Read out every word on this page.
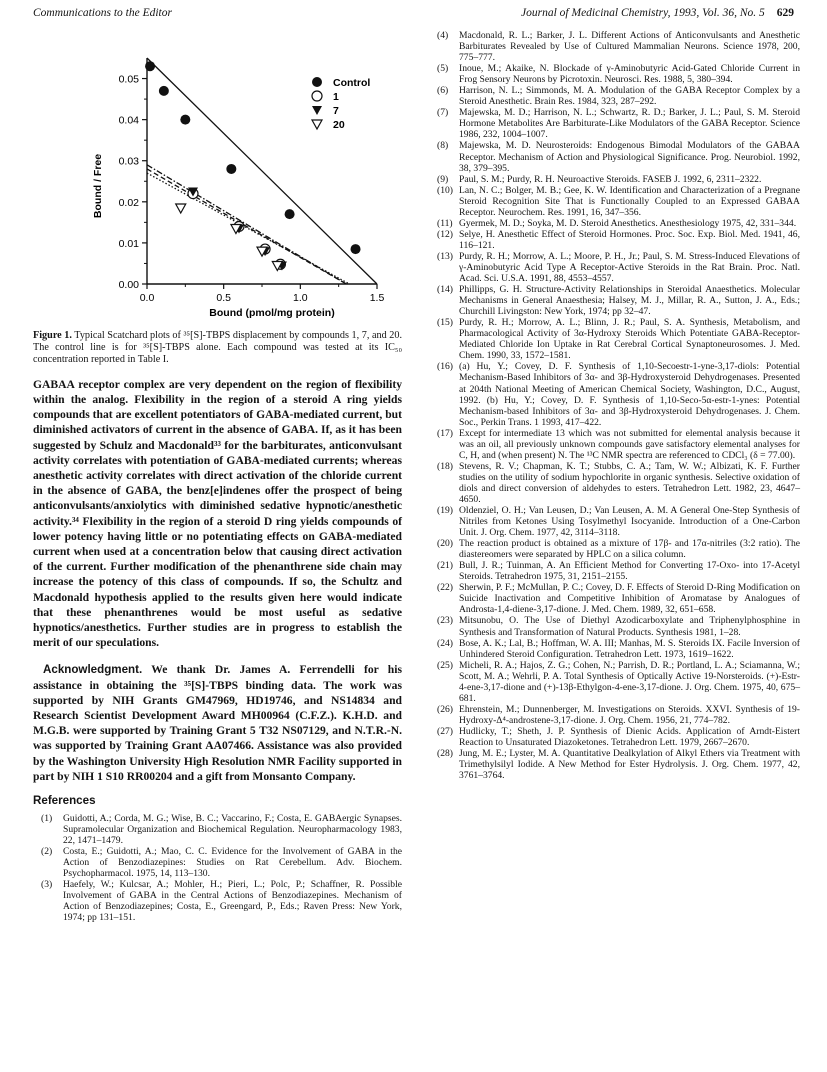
Communications to the Editor	Journal of Medicinal Chemistry, 1993, Vol. 36, No. 5 629
0.0	0.5	1.0	1.5
0.00
0.01
0.02
0.03
0.04
0.05
Bound (pmol/mg protein)
Bound / Free
Control
1
7
20

Figure 1. Typical Scatchard plots of ³⁵[S]-TBPS displacement by compounds 1, 7, and 20. The control line is for ³⁵[S]-TBPS alone. Each compound was tested at its IC₅₀ concentration reported in Table I.

GABAA receptor complex are very dependent on the region of flexibility within the analog. Flexibility in the region of a steroid A ring yields compounds that are excellent potentiators of GABA-mediated current, but diminished activators of current in the absence of GABA. If, as it has been suggested by Schulz and Macdonald³³ for the barbiturates, anticonvulsant activity correlates with potentiation of GABA-mediated currents; whereas anesthetic activity correlates with direct activation of the chloride current in the absence of GABA, the benz[e]indenes offer the prospect of being anticonvulsants/anxiolytics with diminished sedative hypnotic/anesthetic activity.³⁴ Flexibility in the region of a steroid D ring yields compounds of lower potency having little or no potentiating effects on GABA-mediated current when used at a concentration below that causing direct activation of the current. Further modification of the phenanthrene side chain may increase the potency of this class of compounds. If so, the Schultz and Macdonald hypothesis applied to the results given here would indicate that these phenanthrenes would be most useful as sedative hypnotics/anesthetics. Further studies are in progress to establish the merit of our speculations.

Acknowledgment. We thank Dr. James A. Ferrendelli for his assistance in obtaining the ³⁵[S]-TBPS binding data. The work was supported by NIH Grants GM47969, HD19746, and NS14834 and Research Scientist Development Award MH00964 (C.F.Z.). K.H.D. and M.G.B. were supported by Training Grant 5 T32 NS07129, and N.T.R.-N. was supported by Training Grant AA07466. Assistance was also provided by the Washington University High Resolution NMR Facility supported in part by NIH 1 S10 RR00204 and a gift from Monsanto Company.

References
(1) Guidotti, A.; Corda, M. G.; Wise, B. C.; Vaccarino, F.; Costa, E. GABAergic Synapses. Supramolecular Organization and Biochemical Regulation. Neuropharmacology 1983, 22, 1471–1479.
(2) Costa, E.; Guidotti, A.; Mao, C. C. Evidence for the Involvement of GABA in the Action of Benzodiazepines: Studies on Rat Cerebellum. Adv. Biochem. Psychopharmacol. 1975, 14, 113–130.
(3) Haefely, W.; Kulcsar, A.; Mohler, H.; Pieri, L.; Polc, P.; Schaffner, R. Possible Involvement of GABA in the Central Actions of Benzodiazepines. Mechanism of Action of Benzodiazepines; Costa, E., Greengard, P., Eds.; Raven Press: New York, 1974; pp 131–151.
(4) Macdonald, R. L.; Barker, J. L. Different Actions of Anticonvulsants and Anesthetic Barbiturates Revealed by Use of Cultured Mammalian Neurons. Science 1978, 200, 775–777.
(5) Inoue, M.; Akaike, N. Blockade of γ-Aminobutyric Acid-Gated Chloride Current in Frog Sensory Neurons by Picrotoxin. Neurosci. Res. 1988, 5, 380–394.
(6) Harrison, N. L.; Simmonds, M. A. Modulation of the GABA Receptor Complex by a Steroid Anesthetic. Brain Res. 1984, 323, 287–292.
(7) Majewska, M. D.; Harrison, N. L.; Schwartz, R. D.; Barker, J. L.; Paul, S. M. Steroid Hormone Metabolites Are Barbiturate-Like Modulators of the GABA Receptor. Science 1986, 232, 1004–1007.
(8) Majewska, M. D. Neurosteroids: Endogenous Bimodal Modulators of the GABAA Receptor. Mechanism of Action and Physiological Significance. Prog. Neurobiol. 1992, 38, 379–395.
(9) Paul, S. M.; Purdy, R. H. Neuroactive Steroids. FASEB J. 1992, 6, 2311–2322.
(10) Lan, N. C.; Bolger, M. B.; Gee, K. W. Identification and Characterization of a Pregnane Steroid Recognition Site That is Functionally Coupled to an Expressed GABAA Receptor. Neurochem. Res. 1991, 16, 347–356.
(11) Gyermek, M. D.; Soyka, M. D. Steroid Anesthetics. Anesthesiology 1975, 42, 331–344.
(12) Selye, H. Anesthetic Effect of Steroid Hormones. Proc. Soc. Exp. Biol. Med. 1941, 46, 116–121.
(13) Purdy, R. H.; Morrow, A. L.; Moore, P. H., Jr.; Paul, S. M. Stress-Induced Elevations of γ-Aminobutyric Acid Type A Receptor-Active Steroids in the Rat Brain. Proc. Natl. Acad. Sci. U.S.A. 1991, 88, 4553–4557.
(14) Phillipps, G. H. Structure-Activity Relationships in Steroidal Anaesthetics. Molecular Mechanisms in General Anaesthesia; Halsey, M. J., Millar, R. A., Sutton, J. A., Eds.; Churchill Livingston: New York, 1974; pp 32–47.
(15) Purdy, R. H.; Morrow, A. L.; Blinn, J. R.; Paul, S. A. Synthesis, Metabolism, and Pharmacological Activity of 3α-Hydroxy Steroids Which Potentiate GABA-Receptor-Mediated Chloride Ion Uptake in Rat Cerebral Cortical Synaptoneurosomes. J. Med. Chem. 1990, 33, 1572–1581.
(16) (a) Hu, Y.; Covey, D. F. Synthesis of 1,10-Secoestr-1-yne-3,17-diols: Potential Mechanism-Based Inhibitors of 3α- and 3β-Hydroxysteroid Dehydrogenases. Presented at 204th National Meeting of American Chemical Society, Washington, D.C., August, 1992. (b) Hu, Y.; Covey, D. F. Synthesis of 1,10-Seco-5α-estr-1-ynes: Potential Mechanism-based Inhibitors of 3α- and 3β-Hydroxysteroid Dehydrogenases. J. Chem. Soc., Perkin Trans. 1 1993, 417–422.
(17) Except for intermediate 13 which was not submitted for elemental analysis because it was an oil, all previously unknown compounds gave satisfactory elemental analyses for C, H, and (when present) N. The ¹³C NMR spectra are referenced to CDCl₃ (δ = 77.00).
(18) Stevens, R. V.; Chapman, K. T.; Stubbs, C. A.; Tam, W. W.; Albizati, K. F. Further studies on the utility of sodium hypochlorite in organic synthesis. Selective oxidation of diols and direct conversion of aldehydes to esters. Tetrahedron Lett. 1982, 23, 4647–4650.
(19) Oldenziel, O. H.; Van Leusen, D.; Van Leusen, A. M. A General One-Step Synthesis of Nitriles from Ketones Using Tosylmethyl Isocyanide. Introduction of a One-Carbon Unit. J. Org. Chem. 1977, 42, 3114–3118.
(20) The reaction product is obtained as a mixture of 17β- and 17α-nitriles (3:2 ratio). The diastereomers were separated by HPLC on a silica column.
(21) Bull, J. R.; Tuinman, A. An Efficient Method for Converting 17-Oxo- into 17-Acetyl Steroids. Tetrahedron 1975, 31, 2151–2155.
(22) Sherwin, P. F.; McMullan, P. C.; Covey, D. F. Effects of Steroid D-Ring Modification on Suicide Inactivation and Competitive Inhibition of Aromatase by Analogues of Androsta-1,4-diene-3,17-dione. J. Med. Chem. 1989, 32, 651–658.
(23) Mitsunobu, O. The Use of Diethyl Azodicarboxylate and Triphenylphosphine in Synthesis and Transformation of Natural Products. Synthesis 1981, 1–28.
(24) Bose, A. K.; Lal, B.; Hoffman, W. A. III; Manhas, M. S. Steroids IX. Facile Inversion of Unhindered Steroid Configuration. Tetrahedron Lett. 1973, 1619–1622.
(25) Micheli, R. A.; Hajos, Z. G.; Cohen, N.; Parrish, D. R.; Portland, L. A.; Sciamanna, W.; Scott, M. A.; Wehrli, P. A. Total Synthesis of Optically Active 19-Norsteroids. (+)-Estr-4-ene-3,17-dione and (+)-13β-Ethylgon-4-ene-3,17-dione. J. Org. Chem. 1975, 40, 675–681.
(26) Ehrenstein, M.; Dunnenberger, M. Investigations on Steroids. XXVI. Synthesis of 19-Hydroxy-Δ⁴-androstene-3,17-dione. J. Org. Chem. 1956, 21, 774–782.
(27) Hudlicky, T.; Sheth, J. P. Synthesis of Dienic Acids. Application of Arndt-Eistert Reaction to Unsaturated Diazoketones. Tetrahedron Lett. 1979, 2667–2670.
(28) Jung, M. E.; Lyster, M. A. Quantitative Dealkylation of Alkyl Ethers via Treatment with Trimethylsilyl Iodide. A New Method for Ester Hydrolysis. J. Org. Chem. 1977, 42, 3761–3764.
